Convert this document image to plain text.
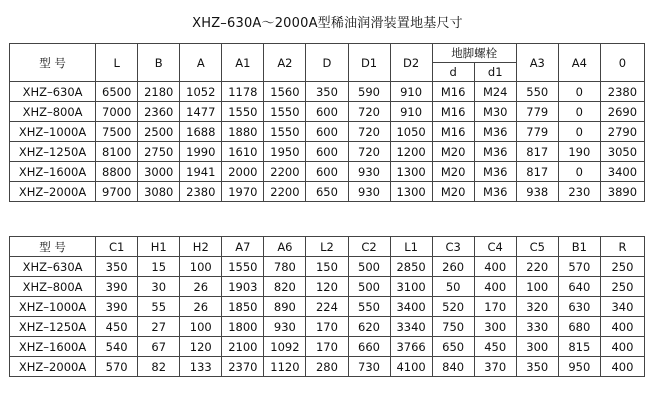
XHZ–630A～2000A型稀油润滑装置地基尺寸
型 号	L	B	A	A1	A2	D	D1	D2	地脚螺栓		A3	A4	0
									d	d1			
XHZ–630A	6500	2180	1052	1178	1560	350	590	910	M16	M24	550	0	2380
XHZ–800A	7000	2360	1477	1550	1550	600	720	910	M16	M30	779	0	2690
XHZ–1000A	7500	2500	1688	1880	1550	600	720	1050	M16	M36	779	0	2790
XHZ–1250A	8100	2750	1990	1610	1950	600	720	1200	M20	M36	817	190	3050
XHZ–1600A	8800	3000	1941	2000	2200	600	930	1300	M20	M36	817	0	3400
XHZ–2000A	9700	3080	2380	1970	2200	650	930	1300	M20	M36	938	230	3890
型 号	C1	H1	H2	A7	A6	L2	C2	L1	C3	C4	C5	B1	R
XHZ–630A	350	15	100	1550	780	150	500	2850	260	400	220	570	250
XHZ–800A	390	30	26	1903	820	120	500	3100	50	400	100	640	250
XHZ–1000A	390	55	26	1850	890	224	550	3400	520	170	320	630	340
XHZ–1250A	450	27	100	1800	930	170	620	3340	750	300	330	680	400
XHZ–1600A	540	67	120	2100	1092	170	660	3766	650	450	300	815	400
XHZ–2000A	570	82	133	2370	1120	280	730	4100	840	370	350	950	400
